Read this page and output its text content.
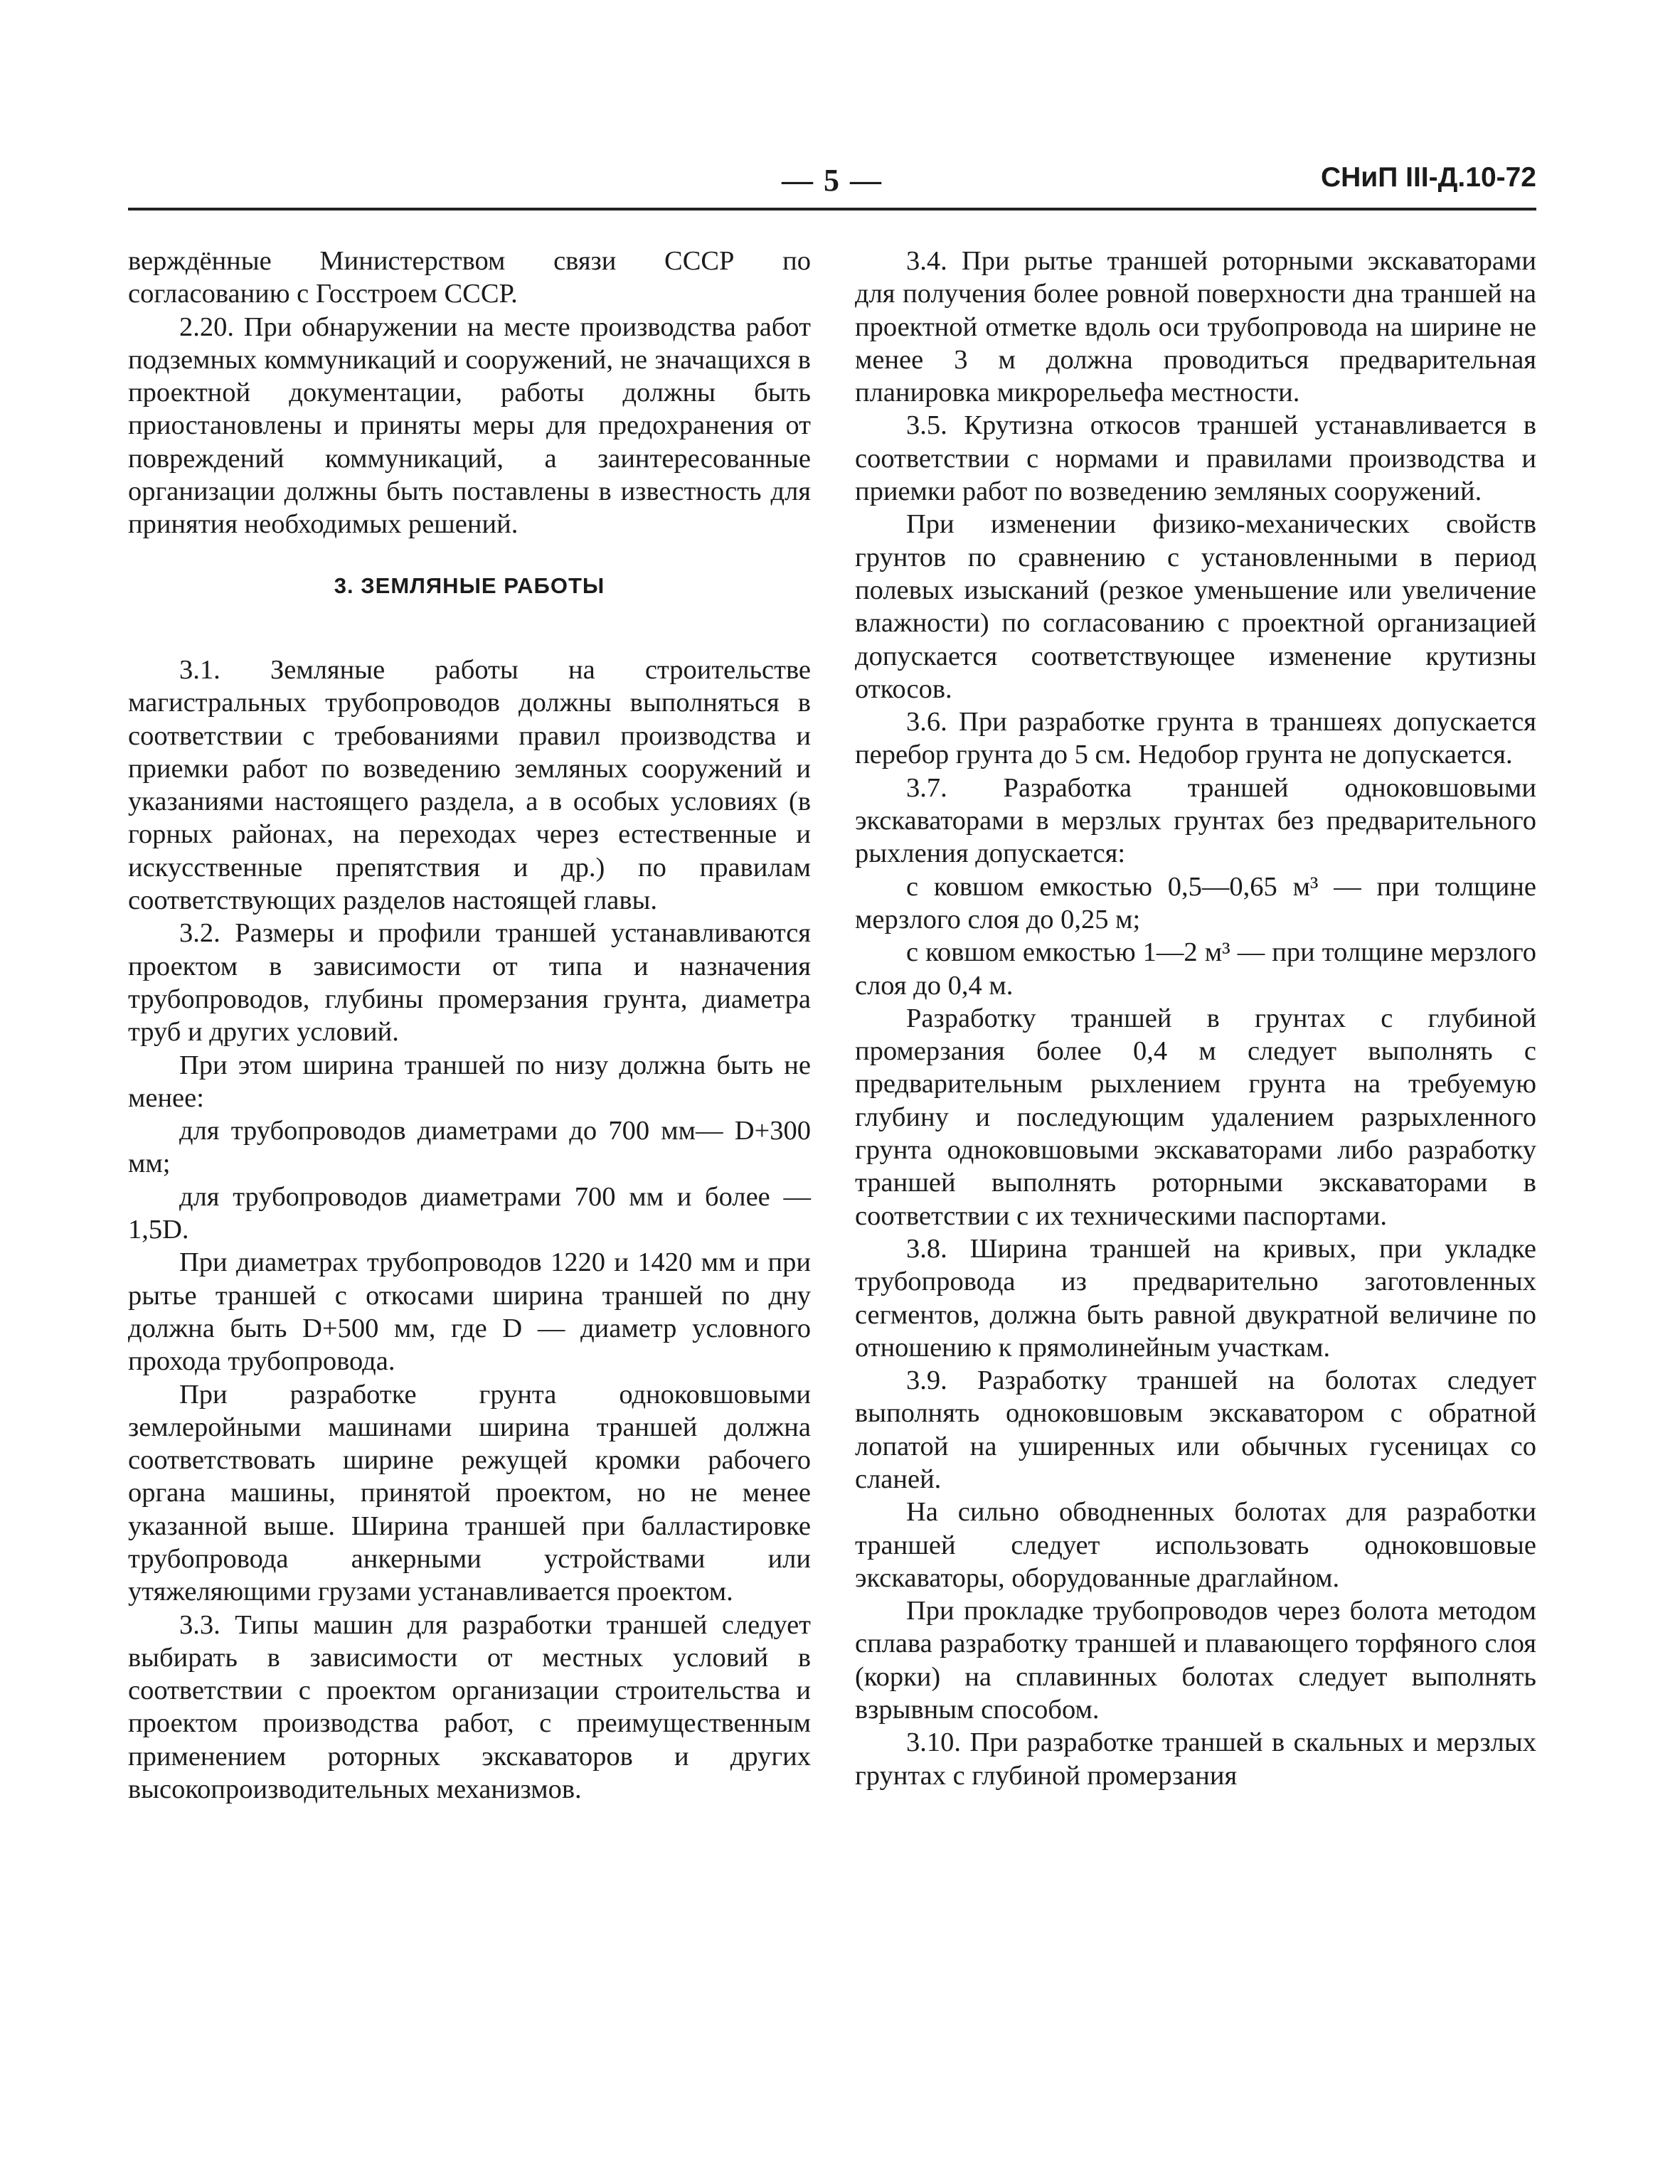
— 5 —	СНиП III-Д.10-72

верждённые Министерством связи СССР по согласованию с Госстроем СССР.

2.20. При обнаружении на месте производства работ подземных коммуникаций и сооружений, не значащихся в проектной документации, работы должны быть приостановлены и приняты меры для предохранения от повреждений коммуникаций, а заинтересованные организации должны быть поставлены в известность для принятия необходимых решений.

3. ЗЕМЛЯНЫЕ РАБОТЫ

3.1. Земляные работы на строительстве магистральных трубопроводов должны выполняться в соответствии с требованиями правил производства и приемки работ по возведению земляных сооружений и указаниями настоящего раздела, а в особых условиях (в горных районах, на переходах через естественные и искусственные препятствия и др.) по правилам соответствующих разделов настоящей главы.

3.2. Размеры и профили траншей устанавливаются проектом в зависимости от типа и назначения трубопроводов, глубины промерзания грунта, диаметра труб и других условий.

При этом ширина траншей по низу должна быть не менее:

для трубопроводов диаметрами до 700 мм— D+300 мм;

для трубопроводов диаметрами 700 мм и более — 1,5D.

При диаметрах трубопроводов 1220 и 1420 мм и при рытье траншей с откосами ширина траншей по дну должна быть D+500 мм, где D — диаметр условного прохода трубопровода.

При разработке грунта одноковшовыми землеройными машинами ширина траншей должна соответствовать ширине режущей кромки рабочего органа машины, принятой проектом, но не менее указанной выше. Ширина траншей при балластировке трубопровода анкерными устройствами или утяжеляющими грузами устанавливается проектом.

3.3. Типы машин для разработки траншей следует выбирать в зависимости от местных условий в соответствии с проектом организации строительства и проектом производства работ, с преимущественным применением роторных экскаваторов и других высокопроизводительных механизмов.

3.4. При рытье траншей роторными экскаваторами для получения более ровной поверхности дна траншей на проектной отметке вдоль оси трубопровода на ширине не менее 3 м должна проводиться предварительная планировка микрорельефа местности.

3.5. Крутизна откосов траншей устанавливается в соответствии с нормами и правилами производства и приемки работ по возведению земляных сооружений.

При изменении физико-механических свойств грунтов по сравнению с установленными в период полевых изысканий (резкое уменьшение или увеличение влажности) по согласованию с проектной организацией допускается соответствующее изменение крутизны откосов.

3.6. При разработке грунта в траншеях допускается перебор грунта до 5 см. Недобор грунта не допускается.

3.7. Разработка траншей одноковшовыми экскаваторами в мерзлых грунтах без предварительного рыхления допускается:

с ковшом емкостью 0,5—0,65 м³ — при толщине мерзлого слоя до 0,25 м;

с ковшом емкостью 1—2 м³ — при толщине мерзлого слоя до 0,4 м.

Разработку траншей в грунтах с глубиной промерзания более 0,4 м следует выполнять с предварительным рыхлением грунта на требуемую глубину и последующим удалением разрыхленного грунта одноковшовыми экскаваторами либо разработку траншей выполнять роторными экскаваторами в соответствии с их техническими паспортами.

3.8. Ширина траншей на кривых, при укладке трубопровода из предварительно заготовленных сегментов, должна быть равной двукратной величине по отношению к прямолинейным участкам.

3.9. Разработку траншей на болотах следует выполнять одноковшовым экскаватором с обратной лопатой на уширенных или обычных гусеницах со сланей.

На сильно обводненных болотах для разработки траншей следует использовать одноковшовые экскаваторы, оборудованные драглайном.

При прокладке трубопроводов через болота методом сплава разработку траншей и плавающего торфяного слоя (корки) на сплавинных болотах следует выполнять взрывным способом.

3.10. При разработке траншей в скальных и мерзлых грунтах с глубиной промерзания
